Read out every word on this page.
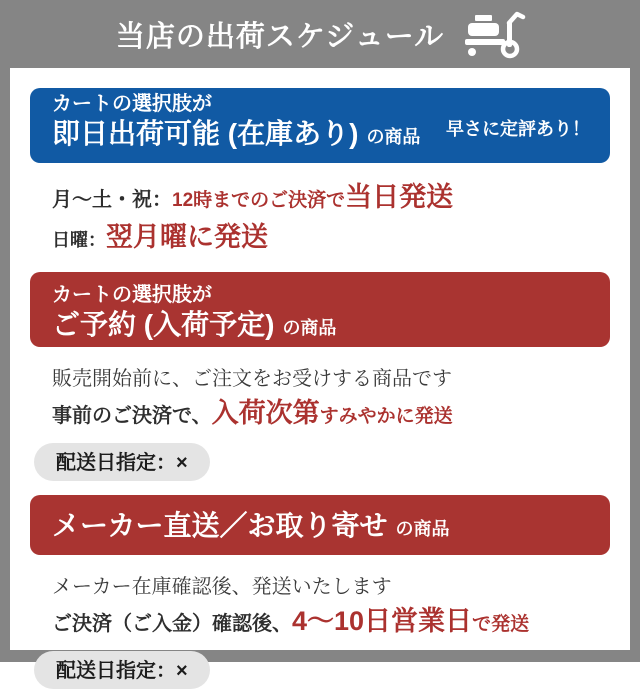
当店の出荷スケジュール
カートの選択肢が
即日出荷可能 (在庫あり) の商品 早さに定評あり！
月〜土・祝：12時までのご決済で当日発送
日曜：翌月曜に発送
カートの選択肢が
ご予約 (入荷予定) の商品
販売開始前に、ご注文をお受けする商品です
事前のご決済で、入荷次第すみやかに発送
配送日指定：×
メーカー直送／お取り寄せ の商品
メーカー在庫確認後、発送いたします
ご決済（ご入金）確認後、4〜10日営業日で発送
配送日指定：×
